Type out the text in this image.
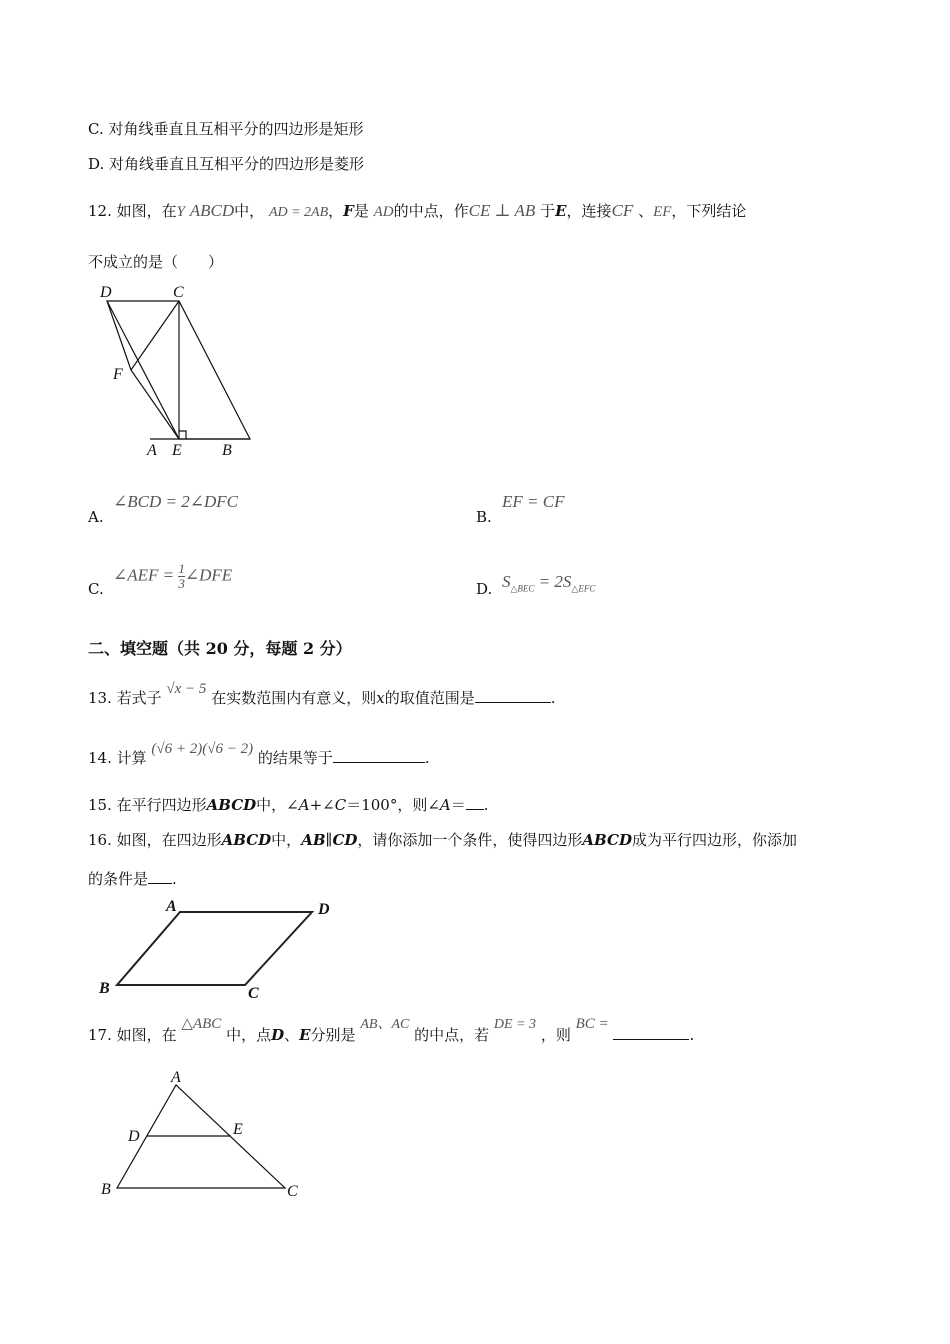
C. 对角线垂直且互相平分的四边形是矩形
D. 对角线垂直且互相平分的四边形是菱形
12. 如图，在Y ABCD中， AD = 2AB，F是 AD的中点，作CE ⊥ AB 于E，连接CF 、EF，下列结论
不成立的是（　　）
D	C
F
A E	B
A.
∠BCD = 2∠DFC
B.
EF = CF
C.
∠AEF = $\frac{1}{3}$ ∠DFE
D. $S_{\triangle BEC} = 2S_{\triangle EFC}$
二、填空题（共 20 分，每题 2 分）
13. 若式子 √x − 5 在实数范围内有意义，则x的取值范围是	.
14. 计算 (√6 + 2)(√6 − 2) 的结果等于	.
15. 在平行四边形ABCD中，∠A+∠C＝100°，则∠A＝ .
16. 如图，在四边形ABCD中，AB∥CD，请你添加一个条件，使得四边形ABCD成为平行四边形，你添加
的条件是 .
A	D
B	C
17. 如图，在 △ABC 中，点D、E分别是 AB、AC 的中点，若 DE = 3 ，则 BC = .
A
D	E
B	C
